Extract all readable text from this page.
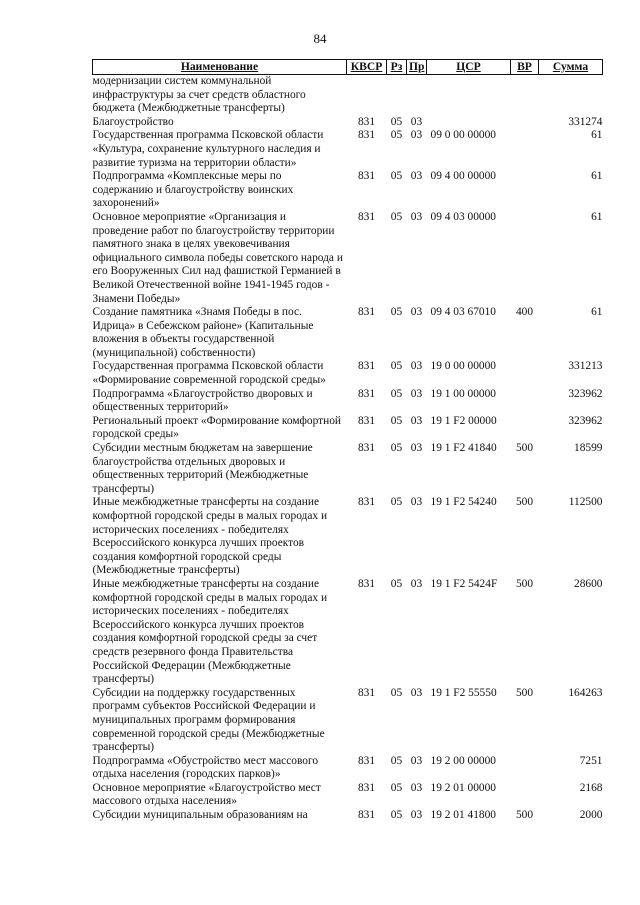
84
Наименование	КВСР	Рз	Пр	ЦСР	ВР	Сумма
модернизации систем коммунальной инфраструктуры за счет средств областного бюджета (Межбюджетные трансферты)						
Благоустройство	831	05	03			331274
Государственная программа Псковской области «Культура, сохранение культурного наследия и развитие туризма на территории области»	831	05	03	09 0 00 00000		61
Подпрограмма «Комплексные меры по содержанию и благоустройству воинских захоронений»	831	05	03	09 4 00 00000		61
Основное мероприятие «Организация и проведение работ по благоустройству территории памятного знака в целях увековечивания официального символа победы советского народа и его Вооруженных Сил над фашисткой Германией в Великой Отечественной войне 1941-1945 годов - Знамени Победы»	831	05	03	09 4 03 00000		61
Создание памятника «Знамя Победы в пос. Идрица» в Себежском районе» (Капитальные вложения в объекты государственной (муниципальной) собственности)	831	05	03	09 4 03 67010	400	61
Государственная программа Псковской области «Формирование современной городской среды»	831	05	03	19 0 00 00000		331213
Подпрограмма «Благоустройство дворовых и общественных территорий»	831	05	03	19 1 00 00000		323962
Региональный проект «Формирование комфортной городской среды»	831	05	03	19 1 F2 00000		323962
Субсидии местным бюджетам на завершение благоустройства отдельных дворовых и общественных территорий (Межбюджетные трансферты)	831	05	03	19 1 F2 41840	500	18599
Иные межбюджетные трансферты на создание комфортной городской среды в малых городах и исторических поселениях - победителях Всероссийского конкурса лучших проектов создания комфортной городской среды (Межбюджетные трансферты)	831	05	03	19 1 F2 54240	500	112500
Иные межбюджетные трансферты на создание комфортной городской среды в малых городах и исторических поселениях - победителях Всероссийского конкурса лучших проектов создания комфортной городской среды за счет средств резервного фонда Правительства Российской Федерации (Межбюджетные трансферты)	831	05	03	19 1 F2 5424F	500	28600
Субсидии на поддержку государственных программ субъектов Российской Федерации и муниципальных программ формирования современной городской среды (Межбюджетные трансферты)	831	05	03	19 1 F2 55550	500	164263
Подпрограмма «Обустройство мест массового отдыха населения (городских парков)»	831	05	03	19 2 00 00000		7251
Основное мероприятие «Благоустройство мест массового отдыха населения»	831	05	03	19 2 01 00000		2168
Субсидии муниципальным образованиям на	831	05	03	19 2 01 41800	500	2000
